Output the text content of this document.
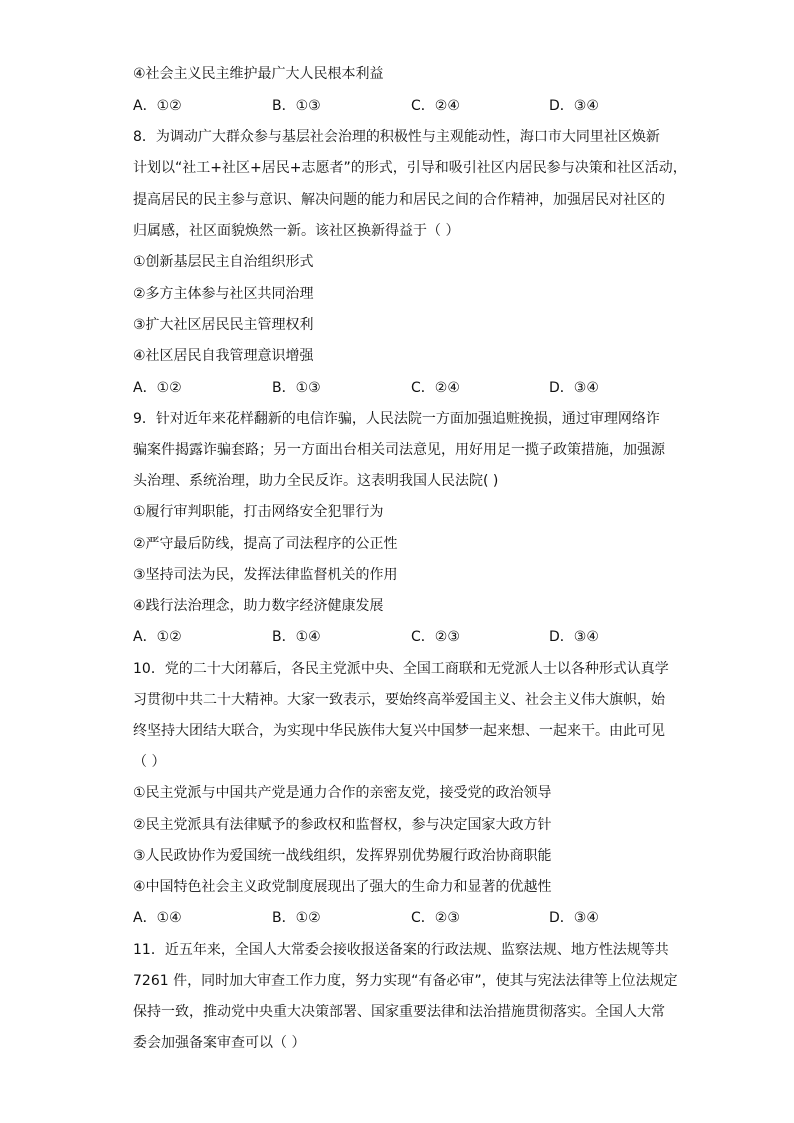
④社会主义民主维护最广大人民根本利益
A．①②	B．①③	C．②④	D．③④
8．为调动广大群众参与基层社会治理的积极性与主观能动性，海口市大同里社区焕新
计划以“社工+社区+居民+志愿者”的形式，引导和吸引社区内居民参与决策和社区活动，
提高居民的民主参与意识、解决问题的能力和居民之间的合作精神，加强居民对社区的
归属感，社区面貌焕然一新。该社区换新得益于（ ）
①创新基层民主自治组织形式
②多方主体参与社区共同治理
③扩大社区居民民主管理权利
④社区居民自我管理意识增强
A．①②	B．①③	C．②④	D．③④
9．针对近年来花样翻新的电信诈骗，人民法院一方面加强追赃挽损，通过审理网络诈
骗案件揭露诈骗套路；另一方面出台相关司法意见，用好用足一揽子政策措施，加强源
头治理、系统治理，助力全民反诈。这表明我国人民法院( )
①履行审判职能，打击网络安全犯罪行为
②严守最后防线，提高了司法程序的公正性
③坚持司法为民，发挥法律监督机关的作用
④践行法治理念，助力数字经济健康发展
A．①②	B．①④	C．②③	D．③④
10．党的二十大闭幕后，各民主党派中央、全国工商联和无党派人士以各种形式认真学
习贯彻中共二十大精神。大家一致表示，要始终高举爱国主义、社会主义伟大旗帜，始
终坚持大团结大联合，为实现中华民族伟大复兴中国梦一起来想、一起来干。由此可见
（ ）
①民主党派与中国共产党是通力合作的亲密友党，接受党的政治领导
②民主党派具有法律赋予的参政权和监督权，参与决定国家大政方针
③人民政协作为爱国统一战线组织，发挥界别优势履行政治协商职能
④中国特色社会主义政党制度展现出了强大的生命力和显著的优越性
A．①④	B．①②	C．②③	D．③④
11．近五年来，全国人大常委会接收报送备案的行政法规、监察法规、地方性法规等共
7261 件，同时加大审查工作力度，努力实现“有备必审”，使其与宪法法律等上位法规定
保持一致，推动党中央重大决策部署、国家重要法律和法治措施贯彻落实。全国人大常
委会加强备案审查可以（ ）
